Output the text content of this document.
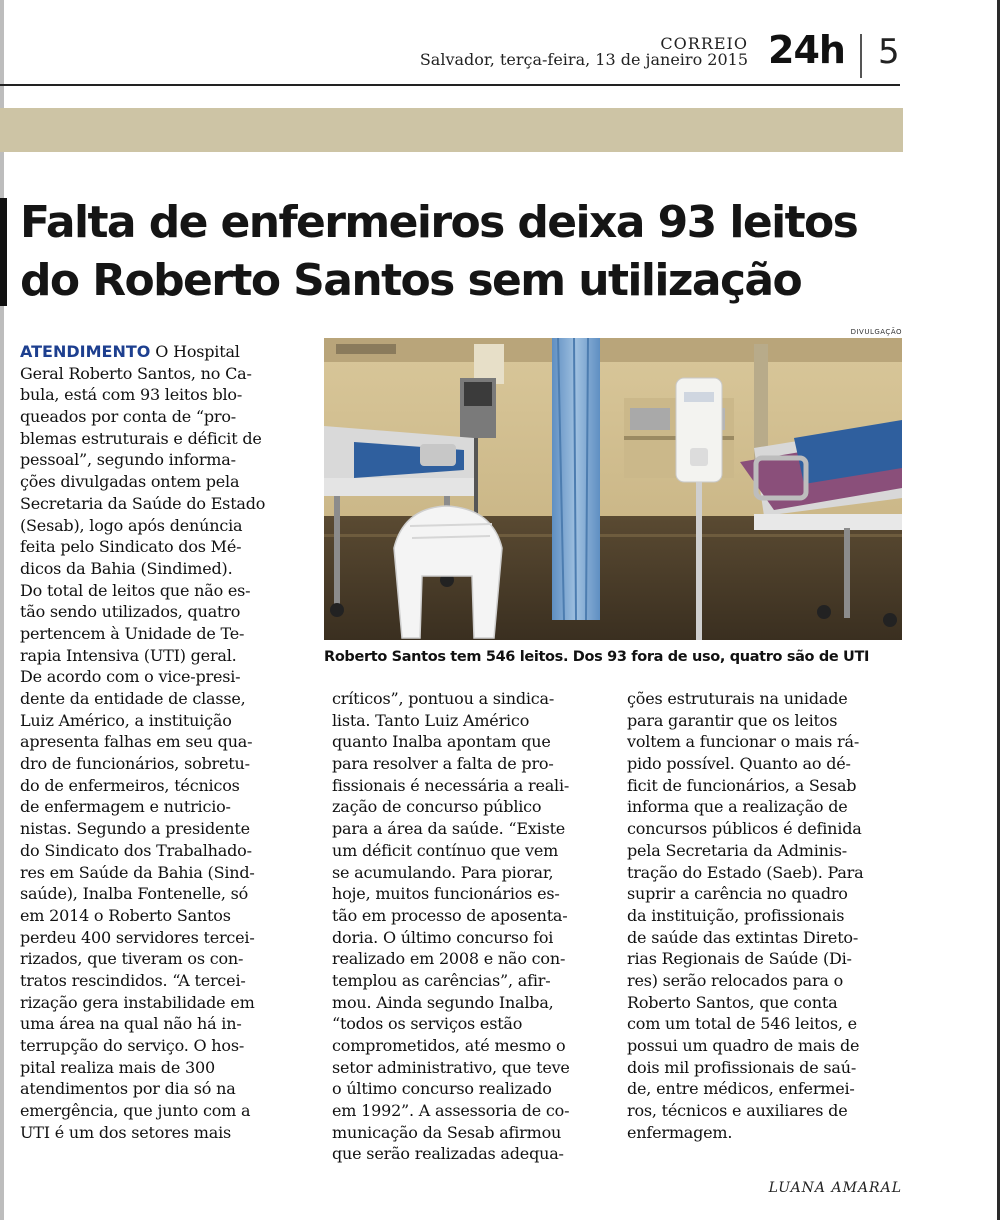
CORREIO
Salvador, terça-feira, 13 de janeiro 2015 24h 5
Falta de enfermeiros deixa 93 leitos
do Roberto Santos sem utilização
DIVULGAÇÃO
Roberto Santos tem 546 leitos. Dos 93 fora de uso, quatro são de UTI
ATENDIMENTO O Hospital
Geral Roberto Santos, no Ca-
bula, está com 93 leitos blo-
queados por conta de “pro-
blemas estruturais e déficit de
pessoal”, segundo informa-
ções divulgadas ontem pela
Secretaria da Saúde do Estado
(Sesab), logo após denúncia
feita pelo Sindicato dos Mé-
dicos da Bahia (Sindimed).
Do total de leitos que não es-
tão sendo utilizados, quatro
pertencem à Unidade de Te-
rapia Intensiva (UTI) geral.
De acordo com o vice-presi-
dente da entidade de classe,
Luiz Américo, a instituição
apresenta falhas em seu qua-
dro de funcionários, sobretu-
do de enfermeiros, técnicos
de enfermagem e nutricio-
nistas. Segundo a presidente
do Sindicato dos Trabalhado-
res em Saúde da Bahia (Sind-
saúde), Inalba Fontenelle, só
em 2014 o Roberto Santos
perdeu 400 servidores tercei-
rizados, que tiveram os con-
tratos rescindidos. “A tercei-
rização gera instabilidade em
uma área na qual não há in-
terrupção do serviço. O hos-
pital realiza mais de 300
atendimentos por dia só na
emergência, que junto com a
UTI é um dos setores mais
críticos”, pontuou a sindica-
lista. Tanto Luiz Américo
quanto Inalba apontam que
para resolver a falta de pro-
fissionais é necessária a reali-
zação de concurso público
para a área da saúde. “Existe
um déficit contínuo que vem
se acumulando. Para piorar,
hoje, muitos funcionários es-
tão em processo de aposenta-
doria. O último concurso foi
realizado em 2008 e não con-
templou as carências”, afir-
mou. Ainda segundo Inalba,
“todos os serviços estão
comprometidos, até mesmo o
setor administrativo, que teve
o último concurso realizado
em 1992”. A assessoria de co-
municação da Sesab afirmou
que serão realizadas adequa-
ções estruturais na unidade
para garantir que os leitos
voltem a funcionar o mais rá-
pido possível. Quanto ao dé-
ficit de funcionários, a Sesab
informa que a realização de
concursos públicos é definida
pela Secretaria da Adminis-
tração do Estado (Saeb). Para
suprir a carência no quadro
da instituição, profissionais
de saúde das extintas Direto-
rias Regionais de Saúde (Di-
res) serão relocados para o
Roberto Santos, que conta
com um total de 546 leitos, e
possui um quadro de mais de
dois mil profissionais de saú-
de, entre médicos, enfermei-
ros, técnicos e auxiliares de
enfermagem.
LUANA AMARAL
